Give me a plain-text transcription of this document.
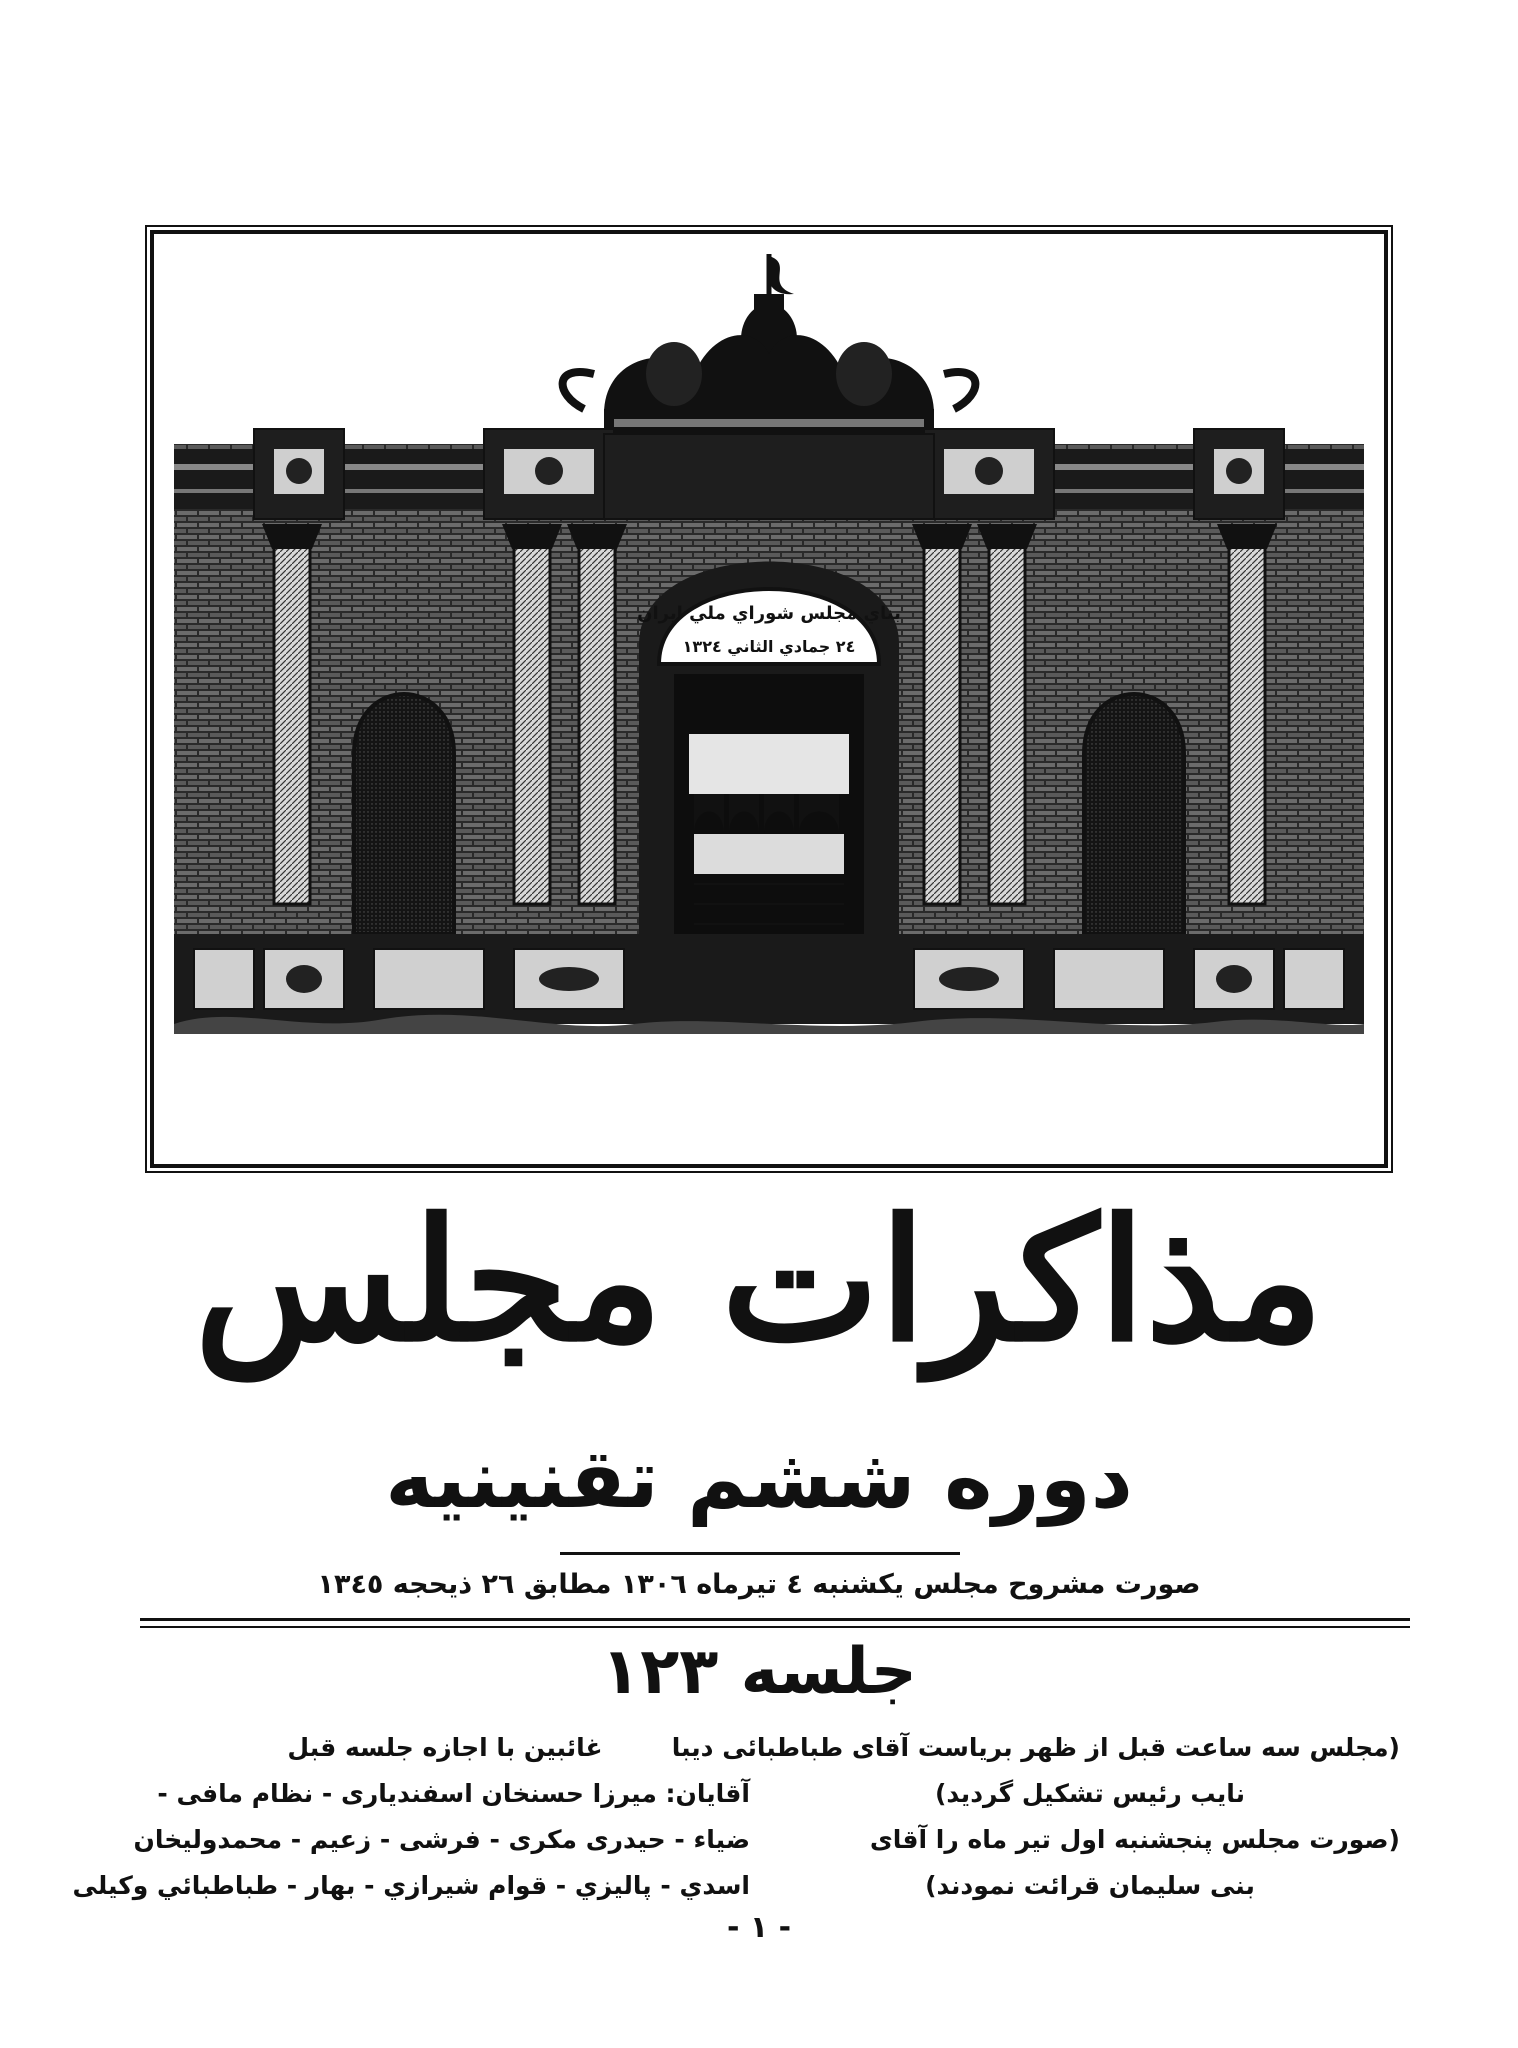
بناي مجلس شوراي ملي ايران
٢٤ جمادي الثاني ١٣٢٤
مذاکرات مجلس
دوره ششم تقنینیه
صورت مشروح مجلس یکشنبه ٤ تیرماه ١٣٠٦ مطابق ٢٦ ذیحجه ١٣٤٥
جلسه ١٢٣
(مجلس سه ساعت قبل از ظهر بریاست آقای طباطبائی دیبا
نایب رئیس تشکیل گردید)
(صورت مجلس پنجشنبه اول تیر ماه را آقای
بنی سلیمان قرائت نمودند)
غائبین با اجازه جلسه قبل
آقایان: میرزا حسنخان اسفندیاری - نظام مافی -
ضیاء - حیدری مکری - فرشی - زعیم - محمدولیخان
اسدي - پالیزي - قوام شیرازي - بهار - طباطبائي وکیلی
- ١ -
